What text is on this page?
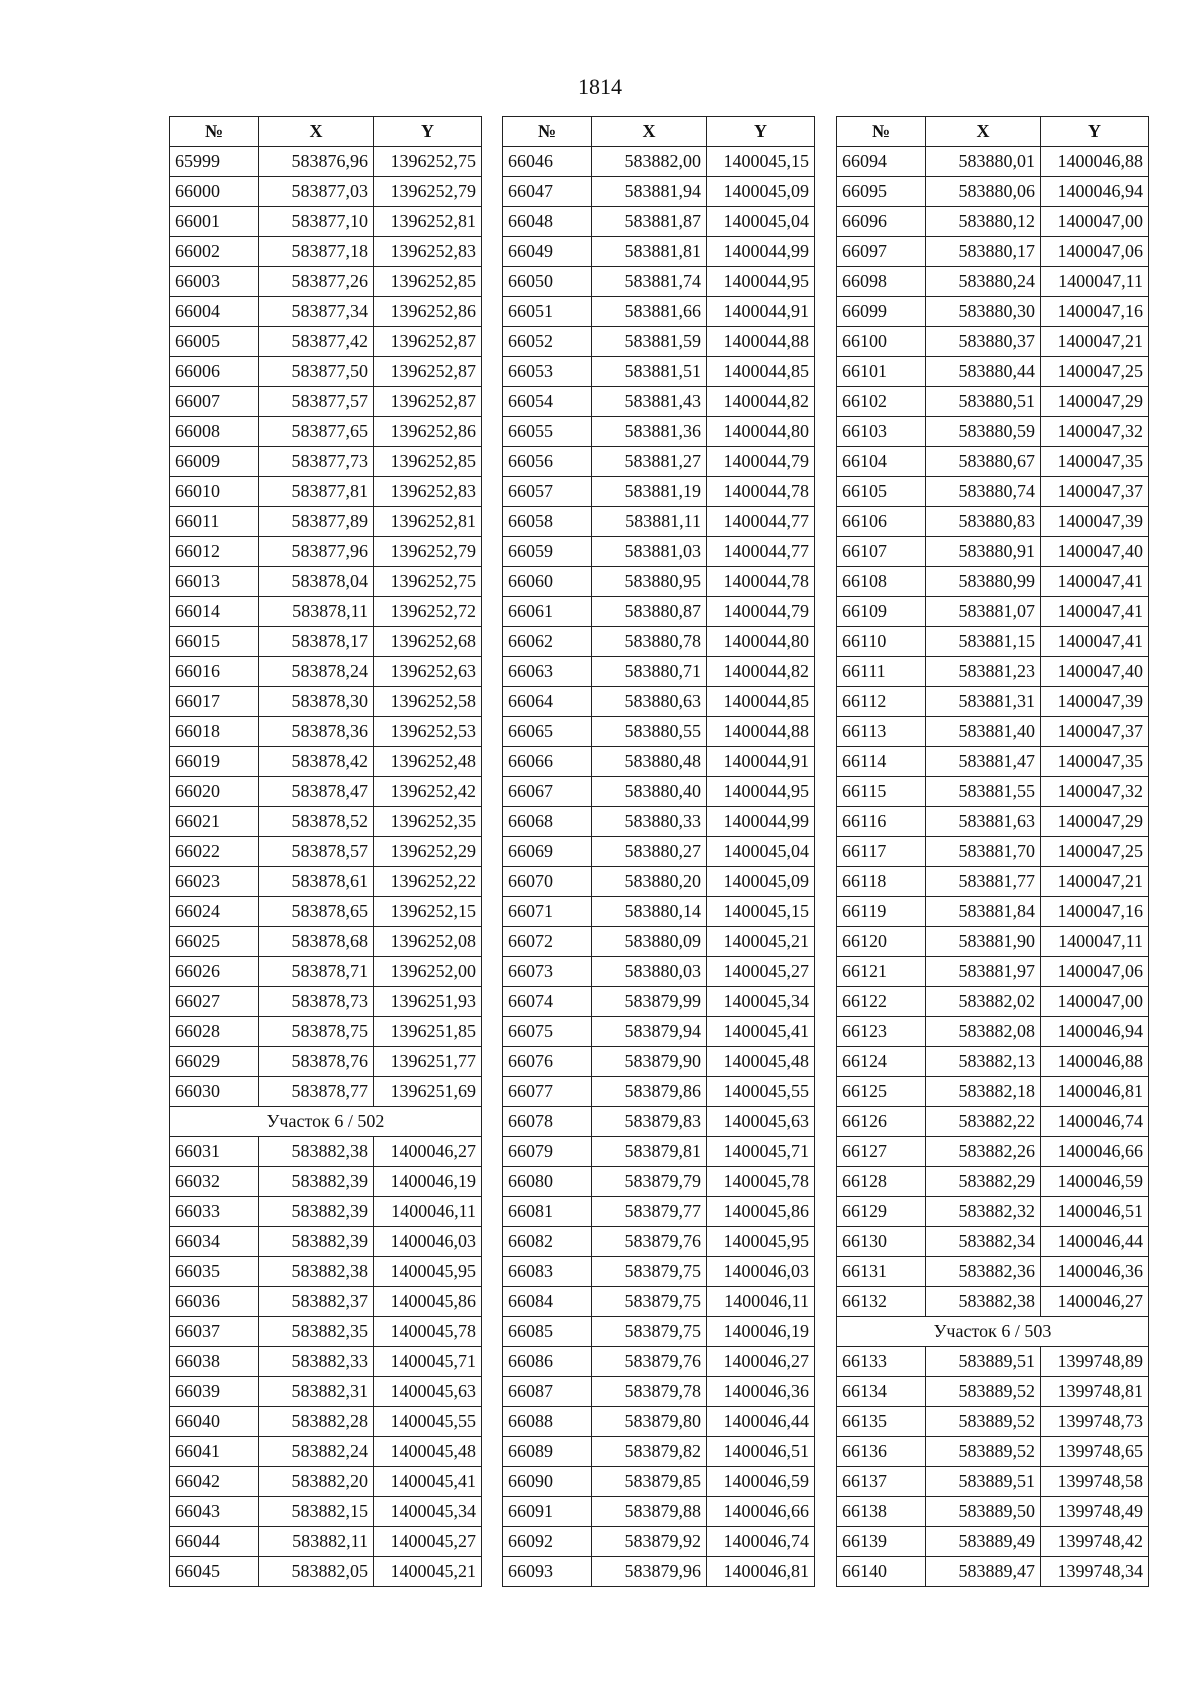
1814
№	X	Y
65999	583876,96	1396252,75
66000	583877,03	1396252,79
66001	583877,10	1396252,81
66002	583877,18	1396252,83
66003	583877,26	1396252,85
66004	583877,34	1396252,86
66005	583877,42	1396252,87
66006	583877,50	1396252,87
66007	583877,57	1396252,87
66008	583877,65	1396252,86
66009	583877,73	1396252,85
66010	583877,81	1396252,83
66011	583877,89	1396252,81
66012	583877,96	1396252,79
66013	583878,04	1396252,75
66014	583878,11	1396252,72
66015	583878,17	1396252,68
66016	583878,24	1396252,63
66017	583878,30	1396252,58
66018	583878,36	1396252,53
66019	583878,42	1396252,48
66020	583878,47	1396252,42
66021	583878,52	1396252,35
66022	583878,57	1396252,29
66023	583878,61	1396252,22
66024	583878,65	1396252,15
66025	583878,68	1396252,08
66026	583878,71	1396252,00
66027	583878,73	1396251,93
66028	583878,75	1396251,85
66029	583878,76	1396251,77
66030	583878,77	1396251,69
Участок 6 / 502		
66031	583882,38	1400046,27
66032	583882,39	1400046,19
66033	583882,39	1400046,11
66034	583882,39	1400046,03
66035	583882,38	1400045,95
66036	583882,37	1400045,86
66037	583882,35	1400045,78
66038	583882,33	1400045,71
66039	583882,31	1400045,63
66040	583882,28	1400045,55
66041	583882,24	1400045,48
66042	583882,20	1400045,41
66043	583882,15	1400045,34
66044	583882,11	1400045,27
66045	583882,05	1400045,21
№	X	Y
66046	583882,00	1400045,15
66047	583881,94	1400045,09
66048	583881,87	1400045,04
66049	583881,81	1400044,99
66050	583881,74	1400044,95
66051	583881,66	1400044,91
66052	583881,59	1400044,88
66053	583881,51	1400044,85
66054	583881,43	1400044,82
66055	583881,36	1400044,80
66056	583881,27	1400044,79
66057	583881,19	1400044,78
66058	583881,11	1400044,77
66059	583881,03	1400044,77
66060	583880,95	1400044,78
66061	583880,87	1400044,79
66062	583880,78	1400044,80
66063	583880,71	1400044,82
66064	583880,63	1400044,85
66065	583880,55	1400044,88
66066	583880,48	1400044,91
66067	583880,40	1400044,95
66068	583880,33	1400044,99
66069	583880,27	1400045,04
66070	583880,20	1400045,09
66071	583880,14	1400045,15
66072	583880,09	1400045,21
66073	583880,03	1400045,27
66074	583879,99	1400045,34
66075	583879,94	1400045,41
66076	583879,90	1400045,48
66077	583879,86	1400045,55
66078	583879,83	1400045,63
66079	583879,81	1400045,71
66080	583879,79	1400045,78
66081	583879,77	1400045,86
66082	583879,76	1400045,95
66083	583879,75	1400046,03
66084	583879,75	1400046,11
66085	583879,75	1400046,19
66086	583879,76	1400046,27
66087	583879,78	1400046,36
66088	583879,80	1400046,44
66089	583879,82	1400046,51
66090	583879,85	1400046,59
66091	583879,88	1400046,66
66092	583879,92	1400046,74
66093	583879,96	1400046,81
№	X	Y
66094	583880,01	1400046,88
66095	583880,06	1400046,94
66096	583880,12	1400047,00
66097	583880,17	1400047,06
66098	583880,24	1400047,11
66099	583880,30	1400047,16
66100	583880,37	1400047,21
66101	583880,44	1400047,25
66102	583880,51	1400047,29
66103	583880,59	1400047,32
66104	583880,67	1400047,35
66105	583880,74	1400047,37
66106	583880,83	1400047,39
66107	583880,91	1400047,40
66108	583880,99	1400047,41
66109	583881,07	1400047,41
66110	583881,15	1400047,41
66111	583881,23	1400047,40
66112	583881,31	1400047,39
66113	583881,40	1400047,37
66114	583881,47	1400047,35
66115	583881,55	1400047,32
66116	583881,63	1400047,29
66117	583881,70	1400047,25
66118	583881,77	1400047,21
66119	583881,84	1400047,16
66120	583881,90	1400047,11
66121	583881,97	1400047,06
66122	583882,02	1400047,00
66123	583882,08	1400046,94
66124	583882,13	1400046,88
66125	583882,18	1400046,81
66126	583882,22	1400046,74
66127	583882,26	1400046,66
66128	583882,29	1400046,59
66129	583882,32	1400046,51
66130	583882,34	1400046,44
66131	583882,36	1400046,36
66132	583882,38	1400046,27
Участок 6 / 503		
66133	583889,51	1399748,89
66134	583889,52	1399748,81
66135	583889,52	1399748,73
66136	583889,52	1399748,65
66137	583889,51	1399748,58
66138	583889,50	1399748,49
66139	583889,49	1399748,42
66140	583889,47	1399748,34
